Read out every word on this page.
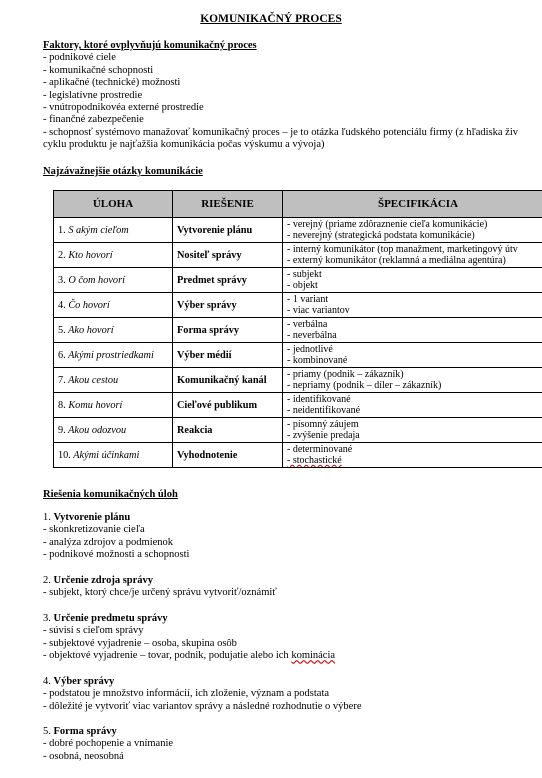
KOMUNIKAČNÝ PROCES
Faktory, ktoré ovplyvňujú komunikačný proces
- podnikové ciele
- komunikačné schopnosti
- aplikačné (technické) možnosti
- legislatívne prostredie
- vnútropodnikovéa externé prostredie
- finančné zabezpečenie
- schopnosť systémovo manažovať komunikačný proces – je to otázka ľudského potenciálu firmy (z hľadiska živ
cyklu produktu je najťažšia komunikácia počas výskumu a vývoja)
Najzávažnejšie otázky komunikácie
ÚLOHA	RIEŠENIE	ŠPECIFIKÁCIA
1. S akým cieľom	Vytvorenie plánu	- verejný (priame zdôraznenie cieľa komunikácie)
- neverejný (strategická podstata komunikácie)

2. Kto hovorí	Nositeľ správy	- interný komunikátor (top manažment, marketingový útv
- externý komunikátor (reklamná a mediálna agentúra)

3. O čom hovorí	Predmet správy	- subjekt
- objekt

4. Čo hovorí	Výber správy	- 1 variant
- viac variantov

5. Ako hovorí	Forma správy	- verbálna
- neverbálna

6. Akými prostriedkami	Výber médií	- jednotlivé
- kombinované

7. Akou cestou	Komunikačný kanál	- priamy (podnik – zákazník)
- nepriamy (podnik – díler – zákazník)

8. Komu hovorí	Cieľové publikum	- identifikované
- neidentifikované

9. Akou odozvou	Reakcia	- písomný záujem
- zvýšenie predaja

10. Akými účinkami	Vyhodnotenie	- determinované
- stochastické
Riešenia komunikačných úloh
1. Vytvorenie plánu
- skonkretizovanie cieľa
- analýza zdrojov a podmienok
- podnikové možnosti a schopnosti
2. Určenie zdroja správy
- subjekt, ktorý chce/je určený správu vytvoriť/oznámiť
3. Určenie predmetu správy
- súvisí s cieľom správy
- subjektové vyjadrenie – osoba, skupina osôb
- objektové vyjadrenie – tovar, podnik, podujatie alebo ich kominácia
4. Výber správy
- podstatou je množstvo informácií, ich zloženie, význam a podstata
- dôležité je vytvoriť viac variantov správy a následné rozhodnutie o výbere
5. Forma správy
- dobré pochopenie a vnímanie
- osobná, neosobná
